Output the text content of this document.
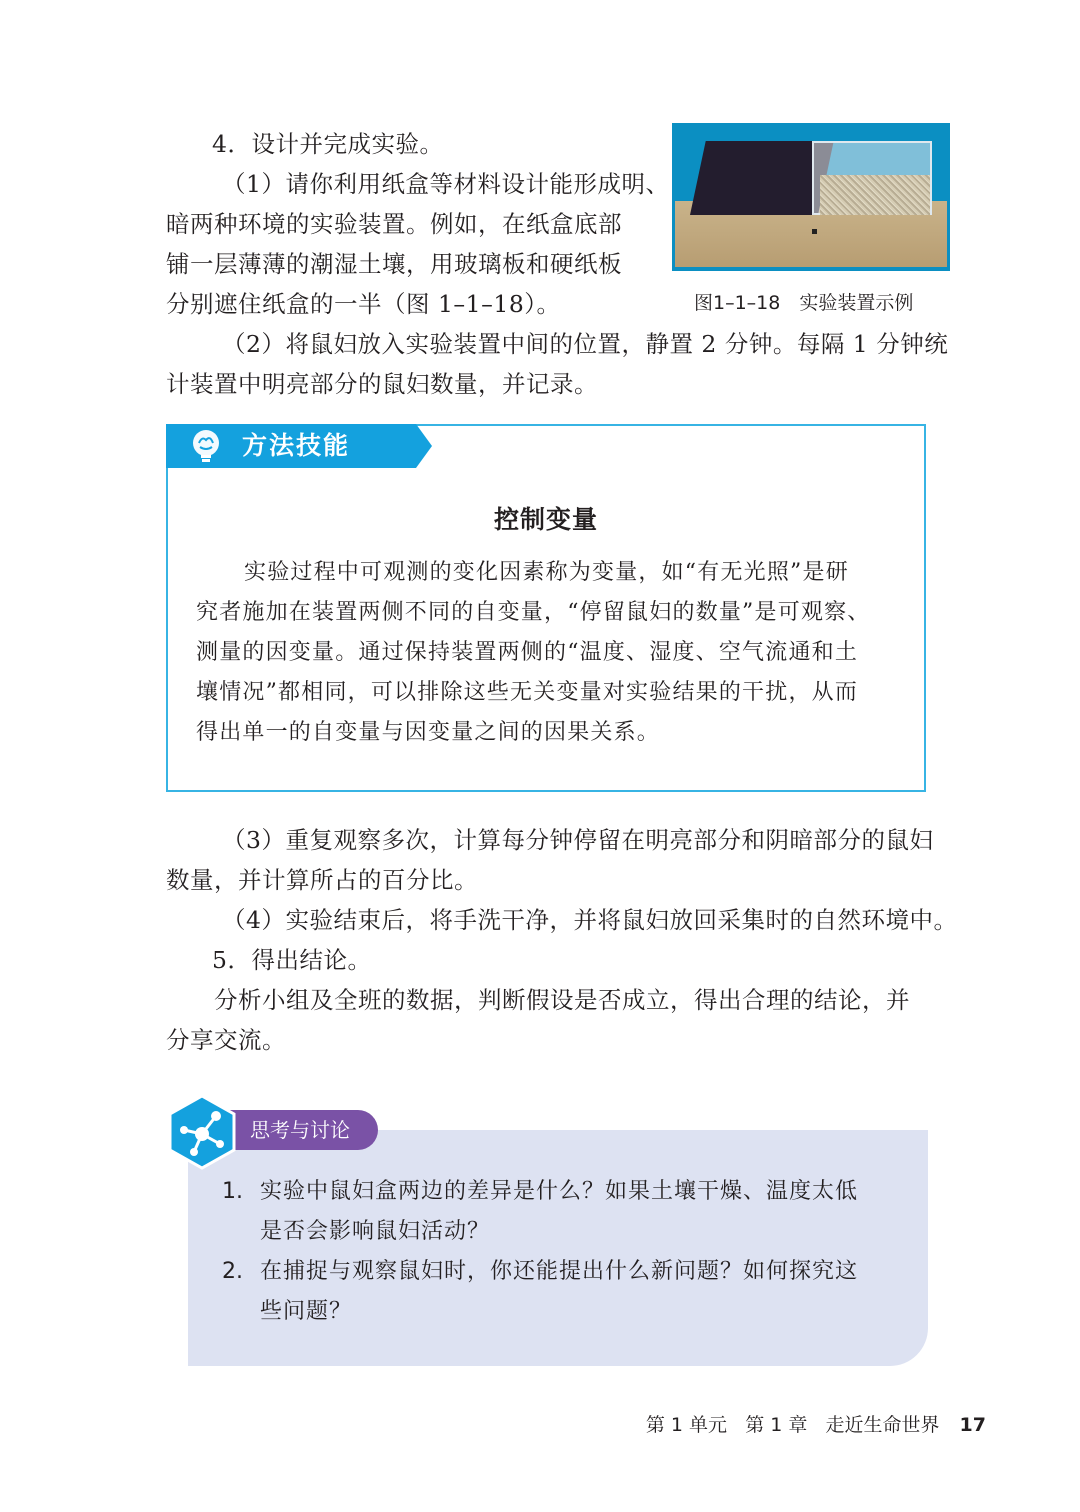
4．设计并完成实验。

（1）请你利用纸盒等材料设计能形成明、

暗两种环境的实验装置。例如，在纸盒底部

铺一层薄薄的潮湿土壤，用玻璃板和硬纸板

分别遮住纸盒的一半（图 1–1–18）。	图1–1–18　实验装置示例

（2）将鼠妇放入实验装置中间的位置，静置 2 分钟。每隔 1 分钟统

计装置中明亮部分的鼠妇数量，并记录。

方法技能
控制变量

实验过程中可观测的变化因素称为变量，如“有无光照”是研

究者施加在装置两侧不同的自变量，“停留鼠妇的数量”是可观察、

测量的因变量。通过保持装置两侧的“温度、湿度、空气流通和土

壤情况”都相同，可以排除这些无关变量对实验结果的干扰，从而

得出单一的自变量与因变量之间的因果关系。

（3）重复观察多次，计算每分钟停留在明亮部分和阴暗部分的鼠妇

数量，并计算所占的百分比。

（4）实验结束后，将手洗干净，并将鼠妇放回采集时的自然环境中。

5．得出结论。

分析小组及全班的数据，判断假设是否成立，得出合理的结论，并

分享交流。

思考与讨论

1. 实验中鼠妇盒两边的差异是什么？如果土壤干燥、温度太低

是否会影响鼠妇活动？

2. 在捕捉与观察鼠妇时，你还能提出什么新问题？如何探究这

些问题？

第 1 单元 第 1 章 走近生命世界 17
